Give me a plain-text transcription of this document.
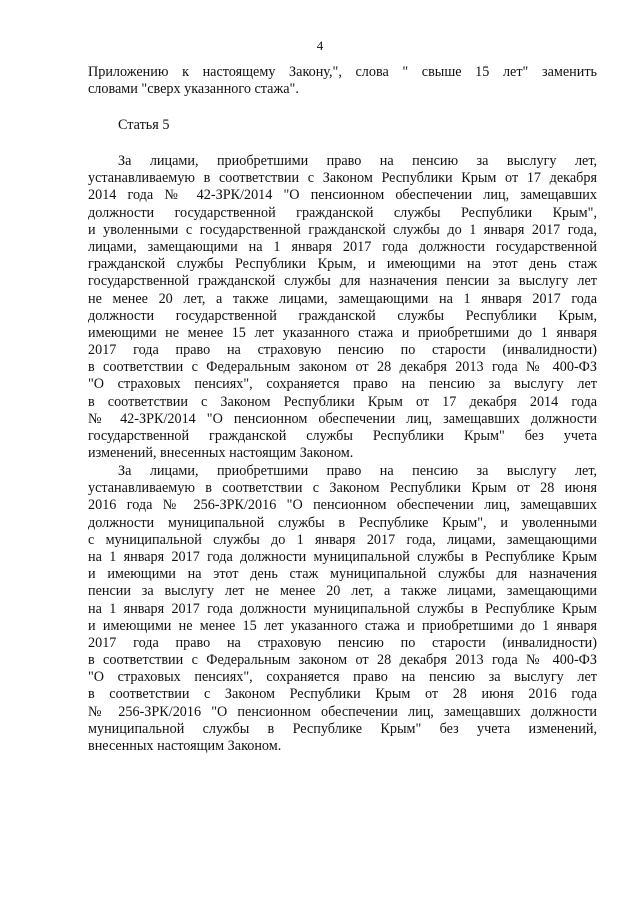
4
Приложению к настоящему Закону,", слова " свыше 15 лет" заменить
словами "сверх указанного стажа".
Статья 5
За лицами, приобретшими право на пенсию за выслугу лет,
устанавливаемую в соответствии с Законом Республики Крым от 17 декабря
2014 года № 42-ЗРК/2014 "О пенсионном обеспечении лиц, замещавших
должности государственной гражданской службы Республики Крым",
и уволенными с государственной гражданской службы до 1 января 2017 года,
лицами, замещающими на 1 января 2017 года должности государственной
гражданской службы Республики Крым, и имеющими на этот день стаж
государственной гражданской службы для назначения пенсии за выслугу лет
не менее 20 лет, а также лицами, замещающими на 1 января 2017 года
должности государственной гражданской службы Республики Крым,
имеющими не менее 15 лет указанного стажа и приобретшими до 1 января
2017 года право на страховую пенсию по старости (инвалидности)
в соответствии с Федеральным законом от 28 декабря 2013 года № 400-ФЗ
"О страховых пенсиях", сохраняется право на пенсию за выслугу лет
в соответствии с Законом Республики Крым от 17 декабря 2014 года
№ 42-ЗРК/2014 "О пенсионном обеспечении лиц, замещавших должности
государственной гражданской службы Республики Крым" без учета
изменений, внесенных настоящим Законом.
За лицами, приобретшими право на пенсию за выслугу лет,
устанавливаемую в соответствии с Законом Республики Крым от 28 июня
2016 года № 256-ЗРК/2016 "О пенсионном обеспечении лиц, замещавших
должности муниципальной службы в Республике Крым", и уволенными
с муниципальной службы до 1 января 2017 года, лицами, замещающими
на 1 января 2017 года должности муниципальной службы в Республике Крым
и имеющими на этот день стаж муниципальной службы для назначения
пенсии за выслугу лет не менее 20 лет, а также лицами, замещающими
на 1 января 2017 года должности муниципальной службы в Республике Крым
и имеющими не менее 15 лет указанного стажа и приобретшими до 1 января
2017 года право на страховую пенсию по старости (инвалидности)
в соответствии с Федеральным законом от 28 декабря 2013 года № 400-ФЗ
"О страховых пенсиях", сохраняется право на пенсию за выслугу лет
в соответствии с Законом Республики Крым от 28 июня 2016 года
№ 256-ЗРК/2016 "О пенсионном обеспечении лиц, замещавших должности
муниципальной службы в Республике Крым" без учета изменений,
внесенных настоящим Законом.
